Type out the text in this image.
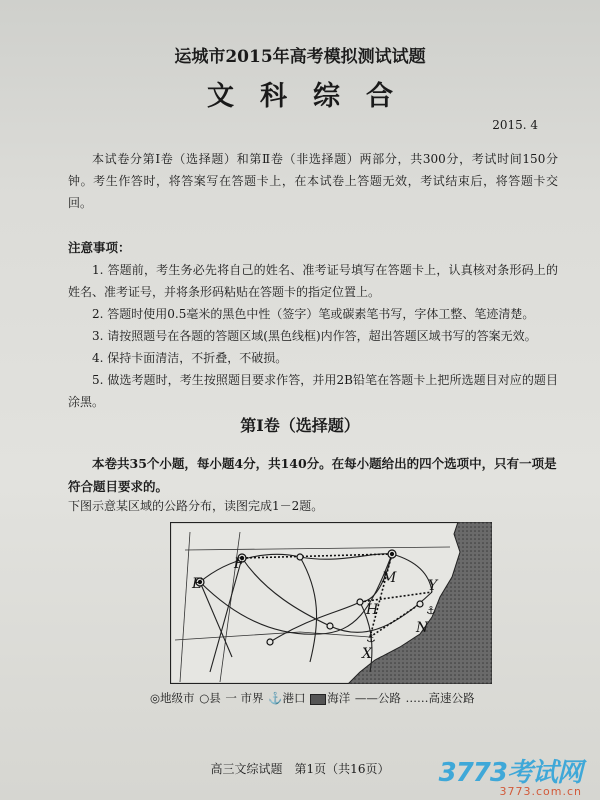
运城市2015年高考模拟测试试题
文科综合
2015. 4
本试卷分第Ⅰ卷（选择题）和第Ⅱ卷（非选择题）两部分，共300分，考试时间150分钟。考生作答时，将答案写在答题卡上，在本试卷上答题无效，考试结束后，将答题卡交回。
注意事项：
1. 答题前，考生务必先将自己的姓名、准考证号填写在答题卡上，认真核对条形码上的姓名、准考证号，并将条形码粘贴在答题卡的指定位置上。
2. 答题时使用0.5毫米的黑色中性（签字）笔或碳素笔书写，字体工整、笔迹清楚。
3. 请按照题号在各题的答题区域(黑色线框)内作答，超出答题区域书写的答案无效。
4. 保持卡面清洁，不折叠，不破损。
5. 做选考题时，考生按照题目要求作答，并用2B铅笔在答题卡上把所选题目对应的题目涂黑。
第Ⅰ卷（选择题）
本卷共35个小题，每小题4分，共140分。在每小题给出的四个选项中，只有一项是符合题目要求的。
下图示意某区域的公路分布，读图完成1－2题。
⚓
⚓
E
F
M Y
H
N
X
◎地级市 ○县 一 市界 ⚓港口 海洋 ——公路 ……高速公路
高三文综试题　第1页（共16页）	3773考试网
3773.com.cn
